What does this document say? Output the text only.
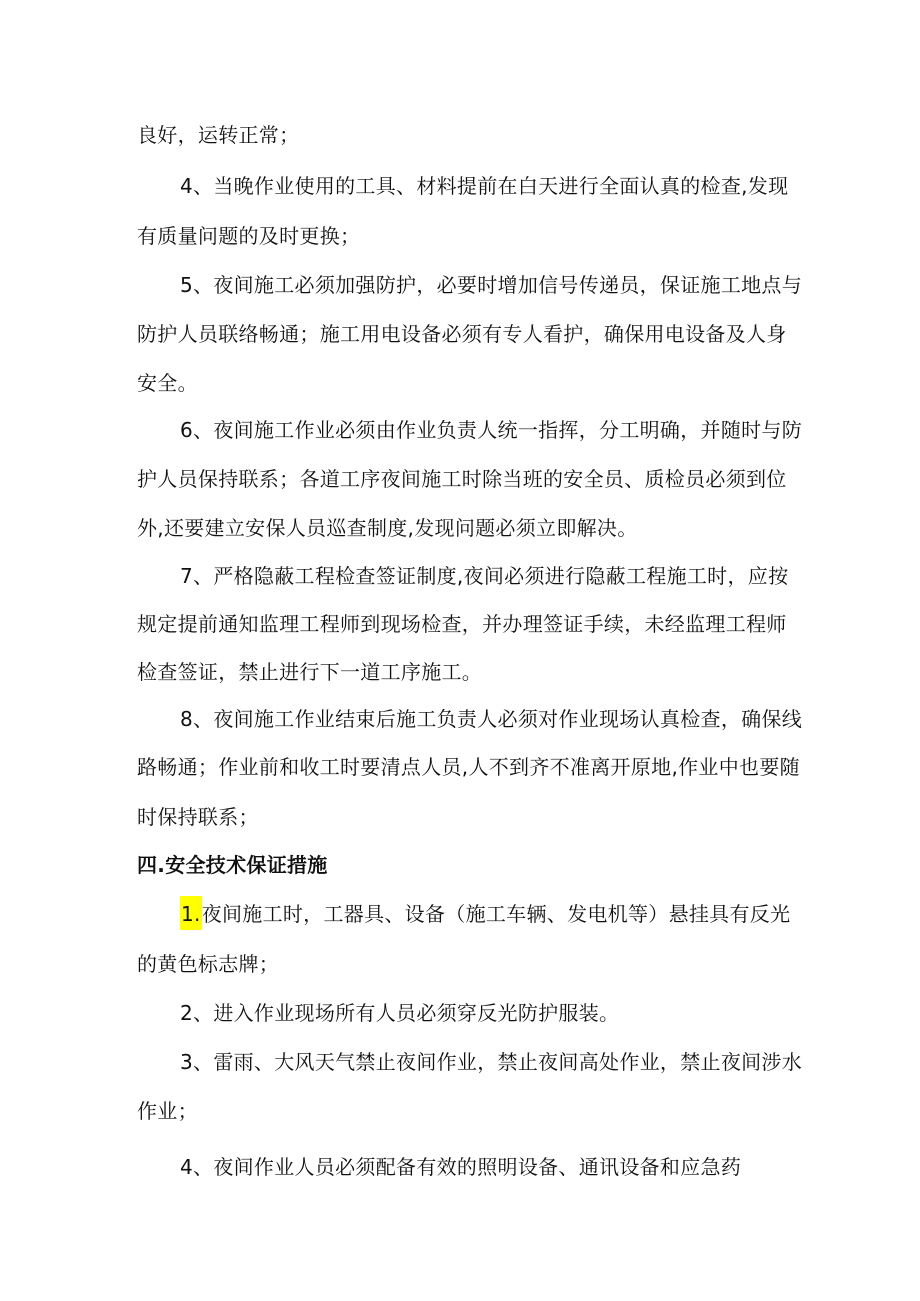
良好，运转正常；
4、当晚作业使用的工具、材料提前在白天进行全面认真的检查,发现
有质量问题的及时更换；
5、夜间施工必须加强防护，必要时增加信号传递员，保证施工地点与
防护人员联络畅通；施工用电设备必须有专人看护，确保用电设备及人身
安全。
6、夜间施工作业必须由作业负责人统一指挥，分工明确，并随时与防
护人员保持联系；各道工序夜间施工时除当班的安全员、质检员必须到位
外,还要建立安保人员巡查制度,发现问题必须立即解决。
7、严格隐蔽工程检查签证制度,夜间必须进行隐蔽工程施工时，应按
规定提前通知监理工程师到现场检查，并办理签证手续，未经监理工程师
检查签证，禁止进行下一道工序施工。
8、夜间施工作业结束后施工负责人必须对作业现场认真检查，确保线
路畅通；作业前和收工时要清点人员,人不到齐不准离开原地,作业中也要随
时保持联系；
四.安全技术保证措施
1.夜间施工时，工器具、设备（施工车辆、发电机等）悬挂具有反光
的黄色标志牌；
2、进入作业现场所有人员必须穿反光防护服装。
3、雷雨、大风天气禁止夜间作业，禁止夜间高处作业，禁止夜间涉水
作业；
4、夜间作业人员必须配备有效的照明设备、通讯设备和应急药
